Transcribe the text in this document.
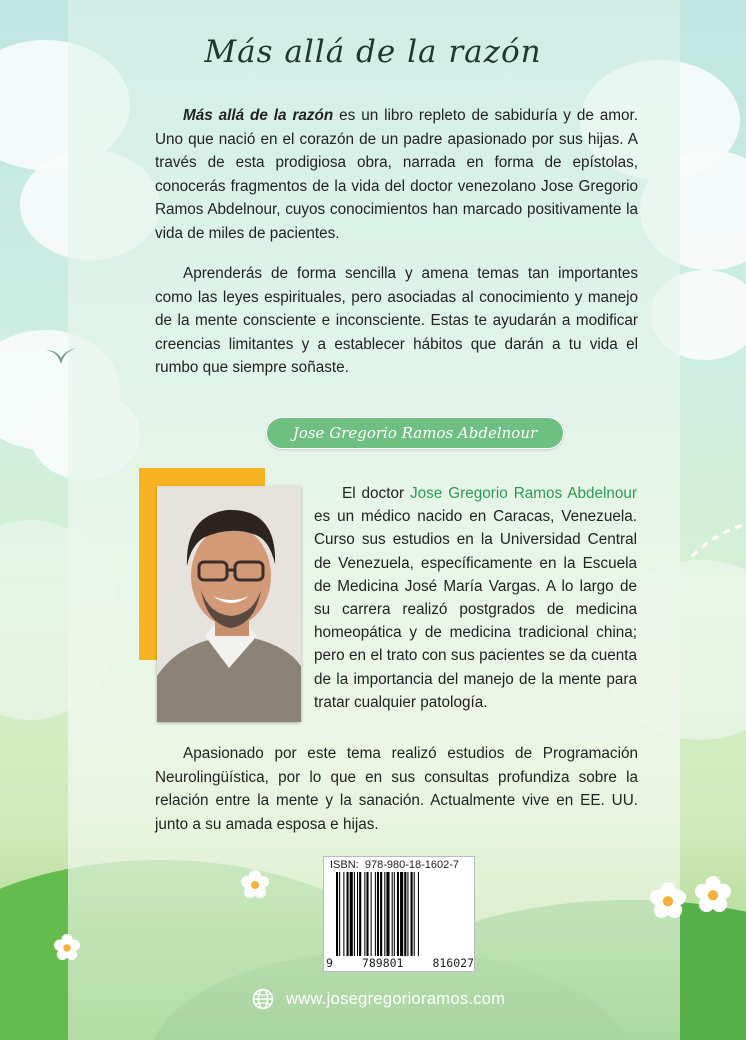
Más allá de la razón

Más allá de la razón es un libro repleto de sabiduría y de amor. Uno que nació en el corazón de un padre apasionado por sus hijas. A través de esta prodigiosa obra, narrada en forma de epístolas, conocerás fragmentos de la vida del doctor venezolano Jose Gregorio Ramos Abdelnour, cuyos conocimientos han marcado positivamente la vida de miles de pacientes.

Aprenderás de forma sencilla y amena temas tan importantes como las leyes espirituales, pero asociadas al conocimiento y manejo de la mente consciente e inconsciente. Estas te ayudarán a modificar creencias limitantes y a establecer hábitos que darán a tu vida el rumbo que siempre soñaste.

Jose Gregorio Ramos Abdelnour

El doctor Jose Gregorio Ramos Abdelnour es un médico nacido en Caracas, Venezuela. Curso sus estudios en la Universidad Central de Venezuela, específicamente en la Escuela de Medicina José María Vargas. A lo largo de su carrera realizó postgrados de medicina homeopática y de medicina tradicional china; pero en el trato con sus pacientes se da cuenta de la importancia del manejo de la mente para tratar cualquier patología.

Apasionado por este tema realizó estudios de Programación Neurolingüística, por lo que en sus consultas profundiza sobre la relación entre la mente y la sanación. Actualmente vive en EE. UU. junto a su amada esposa e hijas.

ISBN:  978-980-18-1602-7
9	789801	816027
www.josegregorioramos.com
